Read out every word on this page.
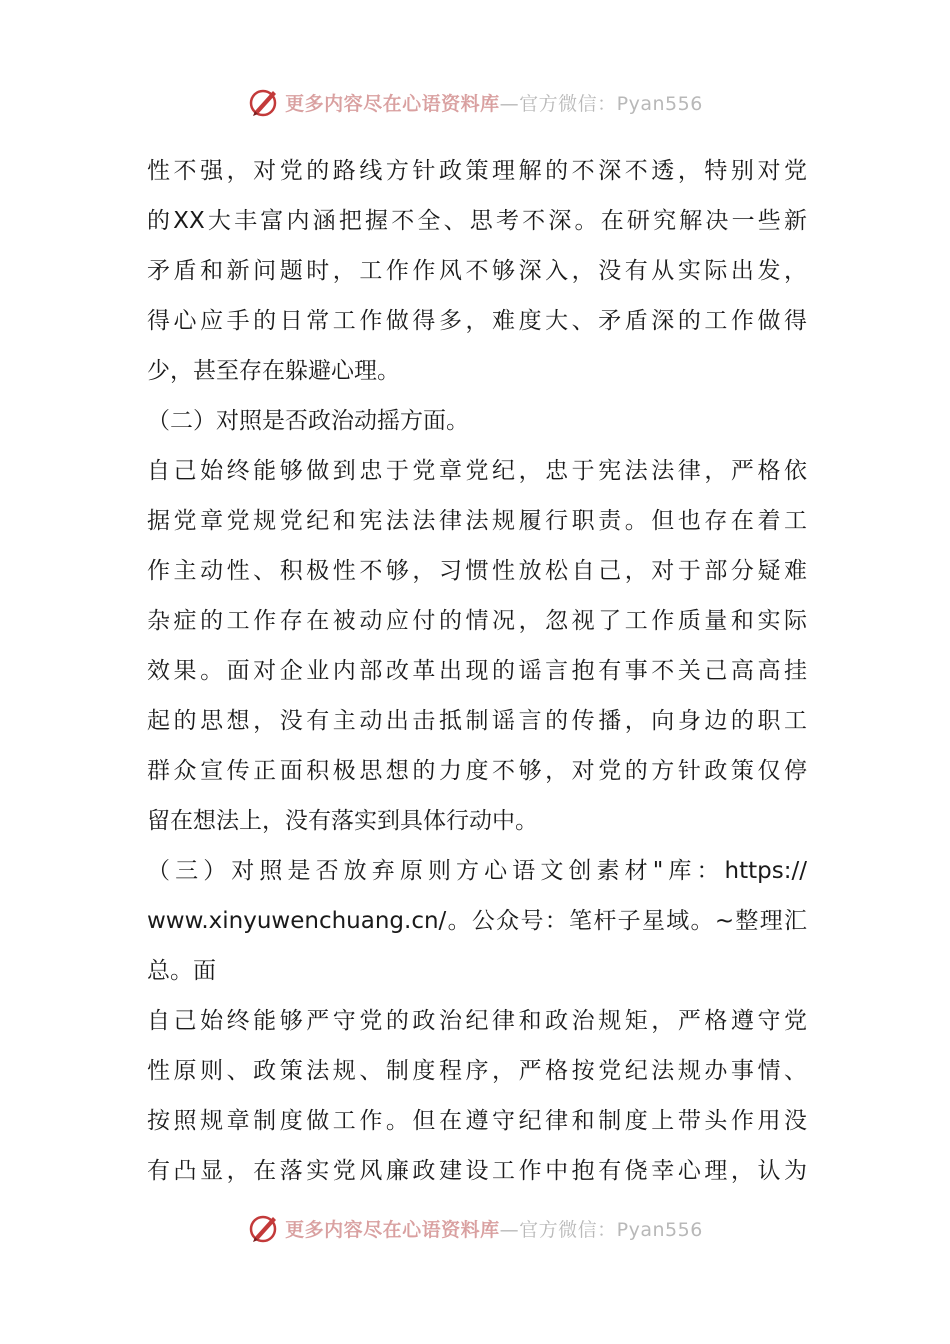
更多内容尽在心语资料库 —官方微信：Pyan556
性不强，对党的路线方针政策理解的不深不透，特别对党
的XX大丰富内涵把握不全、思考不深。在研究解决一些新
矛盾和新问题时，工作作风不够深入，没有从实际出发，
得心应手的日常工作做得多，难度大、矛盾深的工作做得
少，甚至存在躲避心理。
（二）对照是否政治动摇方面。
自己始终能够做到忠于党章党纪，忠于宪法法律，严格依
据党章党规党纪和宪法法律法规履行职责。但也存在着工
作主动性、积极性不够，习惯性放松自己，对于部分疑难
杂症的工作存在被动应付的情况，忽视了工作质量和实际
效果。面对企业内部改革出现的谣言抱有事不关己高高挂
起的思想，没有主动出击抵制谣言的传播，向身边的职工
群众宣传正面积极思想的力度不够，对党的方针政策仅停
留在想法上，没有落实到具体行动中。
（三）对照是否放弃原则方心语文创素材"库：https://
www.xinyuwenchuang.cn/。公众号：笔杆子星域。~整理汇
总。面
自己始终能够严守党的政治纪律和政治规矩，严格遵守党
性原则、政策法规、制度程序，严格按党纪法规办事情、
按照规章制度做工作。但在遵守纪律和制度上带头作用没
有凸显，在落实党风廉政建设工作中抱有侥幸心理，认为
更多内容尽在心语资料库 —官方微信：Pyan556
